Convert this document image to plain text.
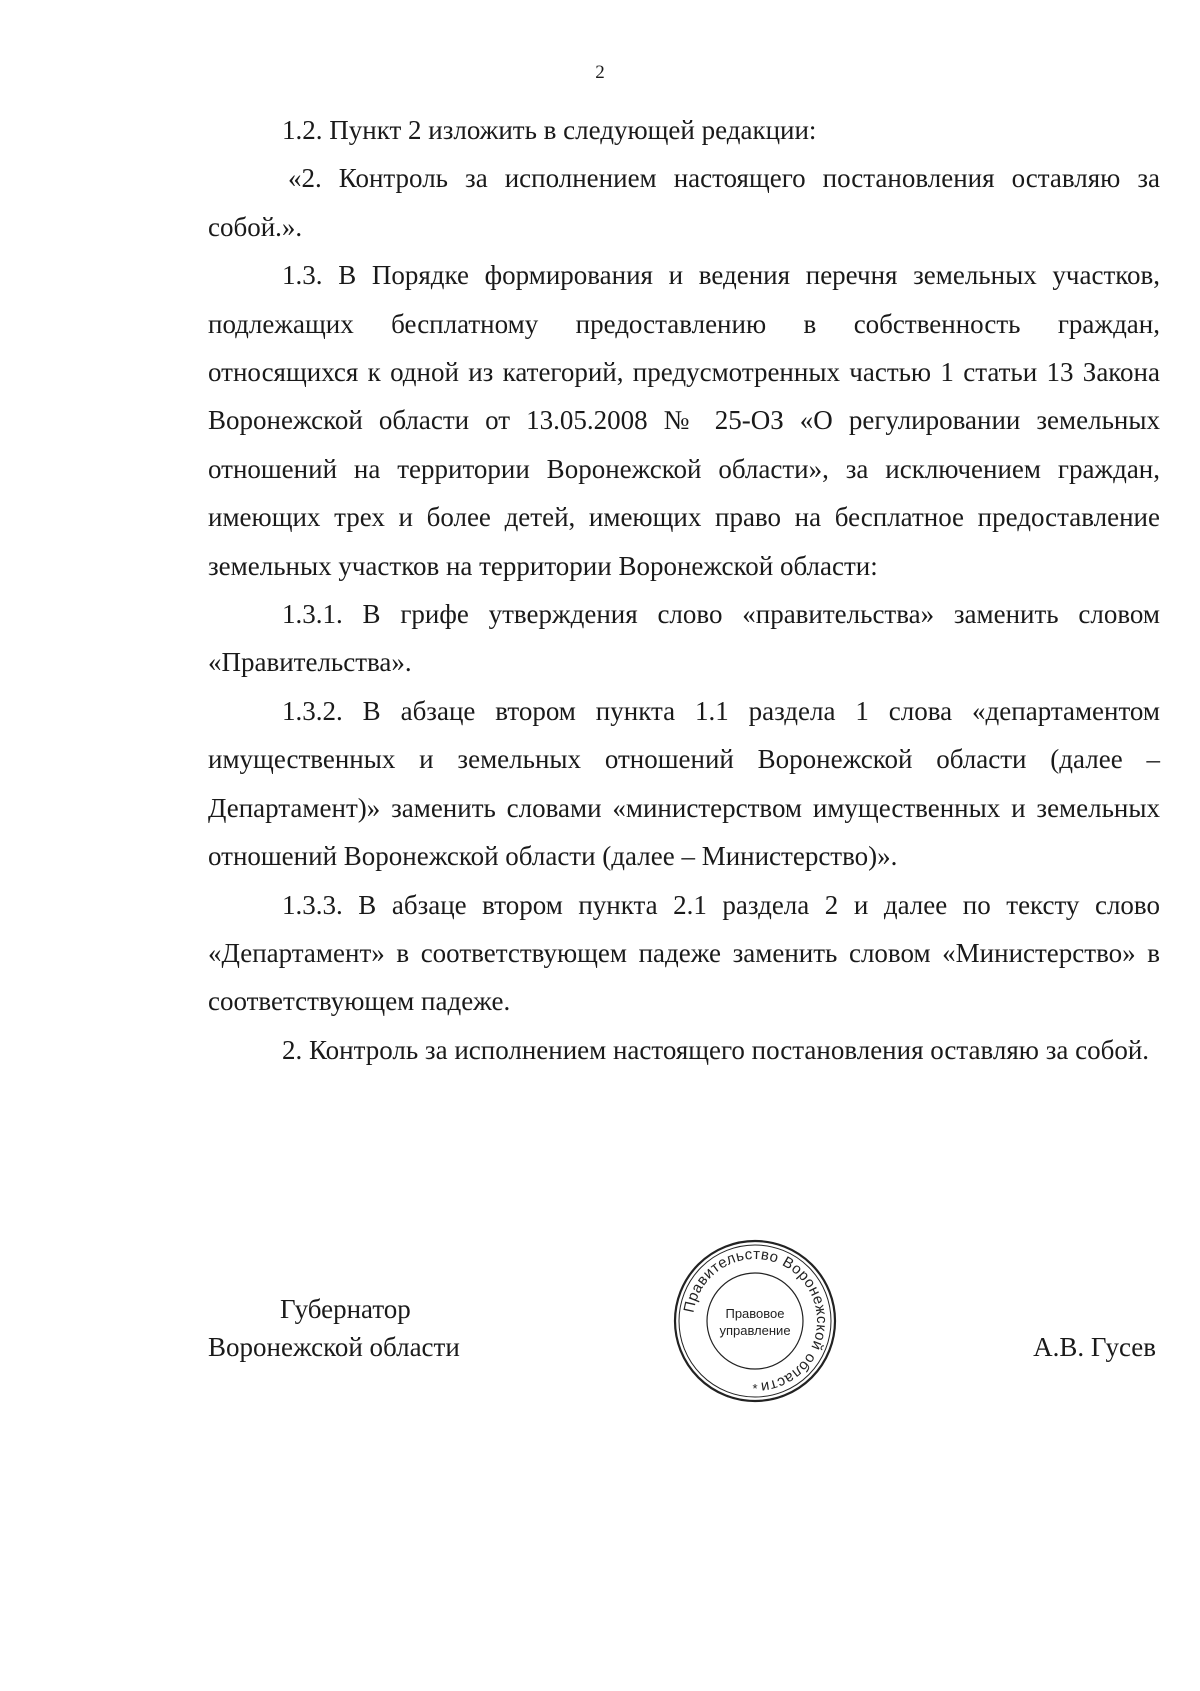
2

1.2. Пункт 2 изложить в следующей редакции:

«2. Контроль за исполнением настоящего постановления оставляю за собой.».

1.3. В Порядке формирования и ведения перечня земельных участков, подлежащих бесплатному предоставлению в собственность граждан, относящихся к одной из категорий, предусмотренных частью 1 статьи 13 Закона Воронежской области от 13.05.2008 № 25-ОЗ «О регулировании земельных отношений на территории Воронежской области», за исключением граждан, имеющих трех и более детей, имеющих право на бесплатное предоставление земельных участков на территории Воронежской области:

1.3.1. В грифе утверждения слово «правительства» заменить словом «Правительства».

1.3.2. В абзаце втором пункта 1.1 раздела 1 слова «департаментом имущественных и земельных отношений Воронежской области (далее – Департамент)» заменить словами «министерством имущественных и земельных отношений Воронежской области (далее – Министерство)».

1.3.3. В абзаце втором пункта 2.1 раздела 2 и далее по тексту слово «Департамент» в соответствующем падеже заменить словом «Министерство» в соответствующем падеже.

2. Контроль за исполнением настоящего постановления оставляю за собой.

Губернатор
Воронежской области
Правительство Воронежской области
Правовое
управление
*
А.В. Гусев
